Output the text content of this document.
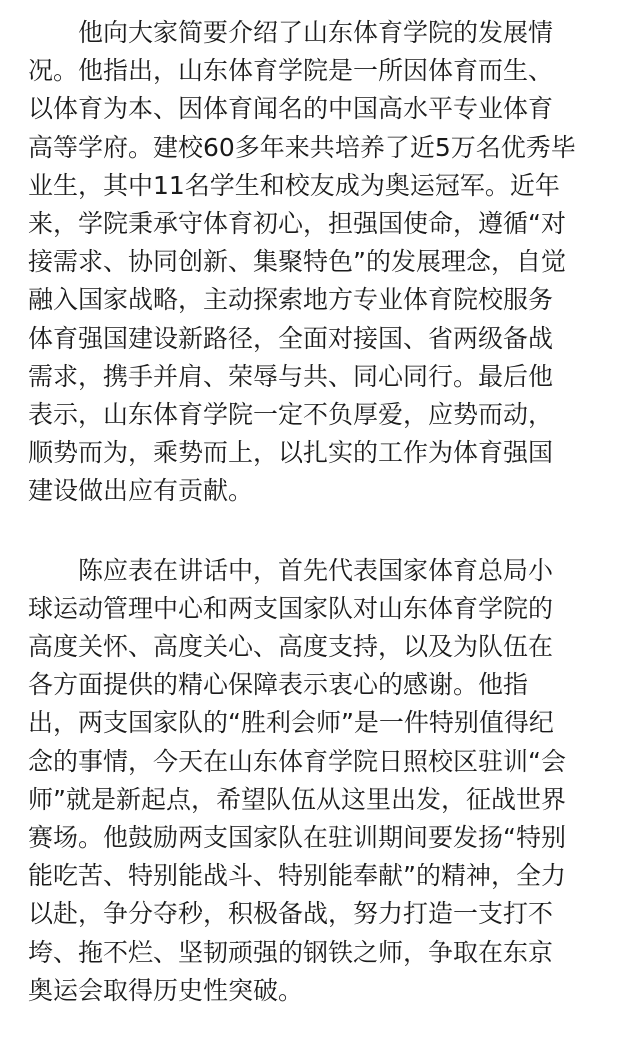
他向大家简要介绍了山东体育学院的发展情
况。他指出，山东体育学院是一所因体育而生、
以体育为本、因体育闻名的中国高水平专业体育
高等学府。建校60多年来共培养了近5万名优秀毕
业生，其中11名学生和校友成为奥运冠军。近年
来，学院秉承守体育初心，担强国使命，遵循“对
接需求、协同创新、集聚特色”的发展理念，自觉
融入国家战略，主动探索地方专业体育院校服务
体育强国建设新路径，全面对接国、省两级备战
需求，携手并肩、荣辱与共、同心同行。最后他
表示，山东体育学院一定不负厚爱，应势而动，
顺势而为，乘势而上，以扎实的工作为体育强国
建设做出应有贡献。
陈应表在讲话中，首先代表国家体育总局小
球运动管理中心和两支国家队对山东体育学院的
高度关怀、高度关心、高度支持，以及为队伍在
各方面提供的精心保障表示衷心的感谢。他指
出，两支国家队的“胜利会师”是一件特别值得纪
念的事情，今天在山东体育学院日照校区驻训“会
师”就是新起点，希望队伍从这里出发，征战世界
赛场。他鼓励两支国家队在驻训期间要发扬“特别
能吃苦、特别能战斗、特别能奉献”的精神，全力
以赴，争分夺秒，积极备战，努力打造一支打不
垮、拖不烂、坚韧顽强的钢铁之师，争取在东京
奥运会取得历史性突破。
